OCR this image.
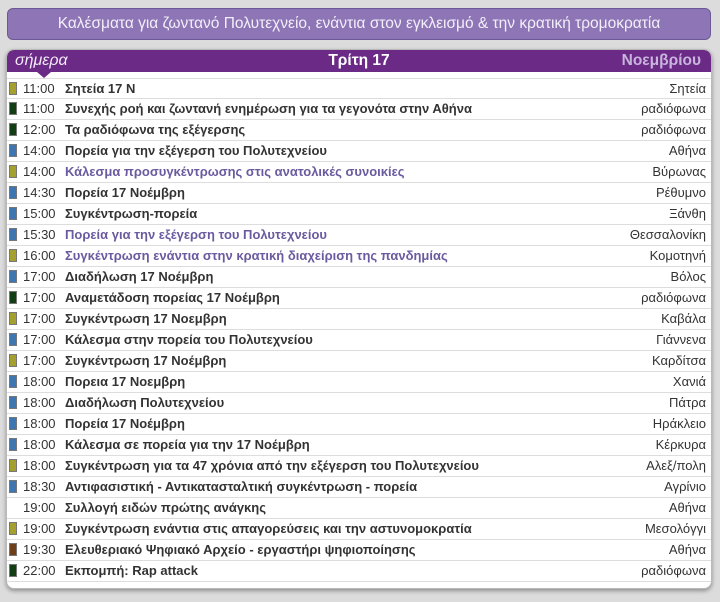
Καλέσματα για ζωντανό Πολυτεχνείο, ενάντια στον εγκλεισμό & την κρατική τρομοκρατία
σήμερα	Τρίτη 17	Νοεμβρίου
11:00 Σητεία 17 Ν	Σητεία
11:00 Συνεχής ροή και ζωντανή ενημέρωση για τα γεγονότα στην Αθήνα	ραδιόφωνα
12:00 Τα ραδιόφωνα της εξέγερσης	ραδιόφωνα
14:00 Πορεία για την εξέγερση του Πολυτεχνείου	Αθήνα
14:00 Κάλεσμα προσυγκέντρωσης στις ανατολικές συνοικίες	Βύρωνας
14:30 Πορεία 17 Νοέμβρη	Ρέθυμνο
15:00 Συγκέντρωση-πορεία	Ξάνθη
15:30 Πορεία για την εξέγερση του Πολυτεχνείου	Θεσσαλονίκη
16:00 Συγκέντρωση ενάντια στην κρατική διαχείριση της πανδημίας	Κομοτηνή
17:00 Διαδήλωση 17 Νοέμβρη	Βόλος
17:00 Αναμετάδοση πορείας 17 Νοέμβρη	ραδιόφωνα
17:00 Συγκέντρωση 17 Νοεμβρη	Καβάλα
17:00 Κάλεσμα στην πορεία του Πολυτεχνείου	Γιάννενα
17:00 Συγκέντρωση 17 Νοέμβρη	Καρδίτσα
18:00 Πορεια 17 Νοεμβρη	Χανιά
18:00 Διαδήλωση Πολυτεχνείου	Πάτρα
18:00 Πορεία 17 Νοέμβρη	Ηράκλειο
18:00 Κάλεσμα σε πορεία για την 17 Νοέμβρη	Κέρκυρα
18:00 Συγκέντρωση για τα 47 χρόνια από την εξέγερση του Πολυτεχνείου	Αλεξ/πολη
18:30 Αντιφασιστική - Αντικατασταλτική συγκέντρωση - πορεία	Αγρίνιο
19:00 Συλλογή ειδών πρώτης ανάγκης	Αθήνα
19:00 Συγκέντρωση ενάντια στις απαγορεύσεις και την αστυνομοκρατία	Μεσολόγγι
19:30 Ελευθεριακό Ψηφιακό Αρχείο - εργαστήρι ψηφιοποίησης	Αθήνα
22:00 Εκπομπή: Rap attack	ραδιόφωνα
